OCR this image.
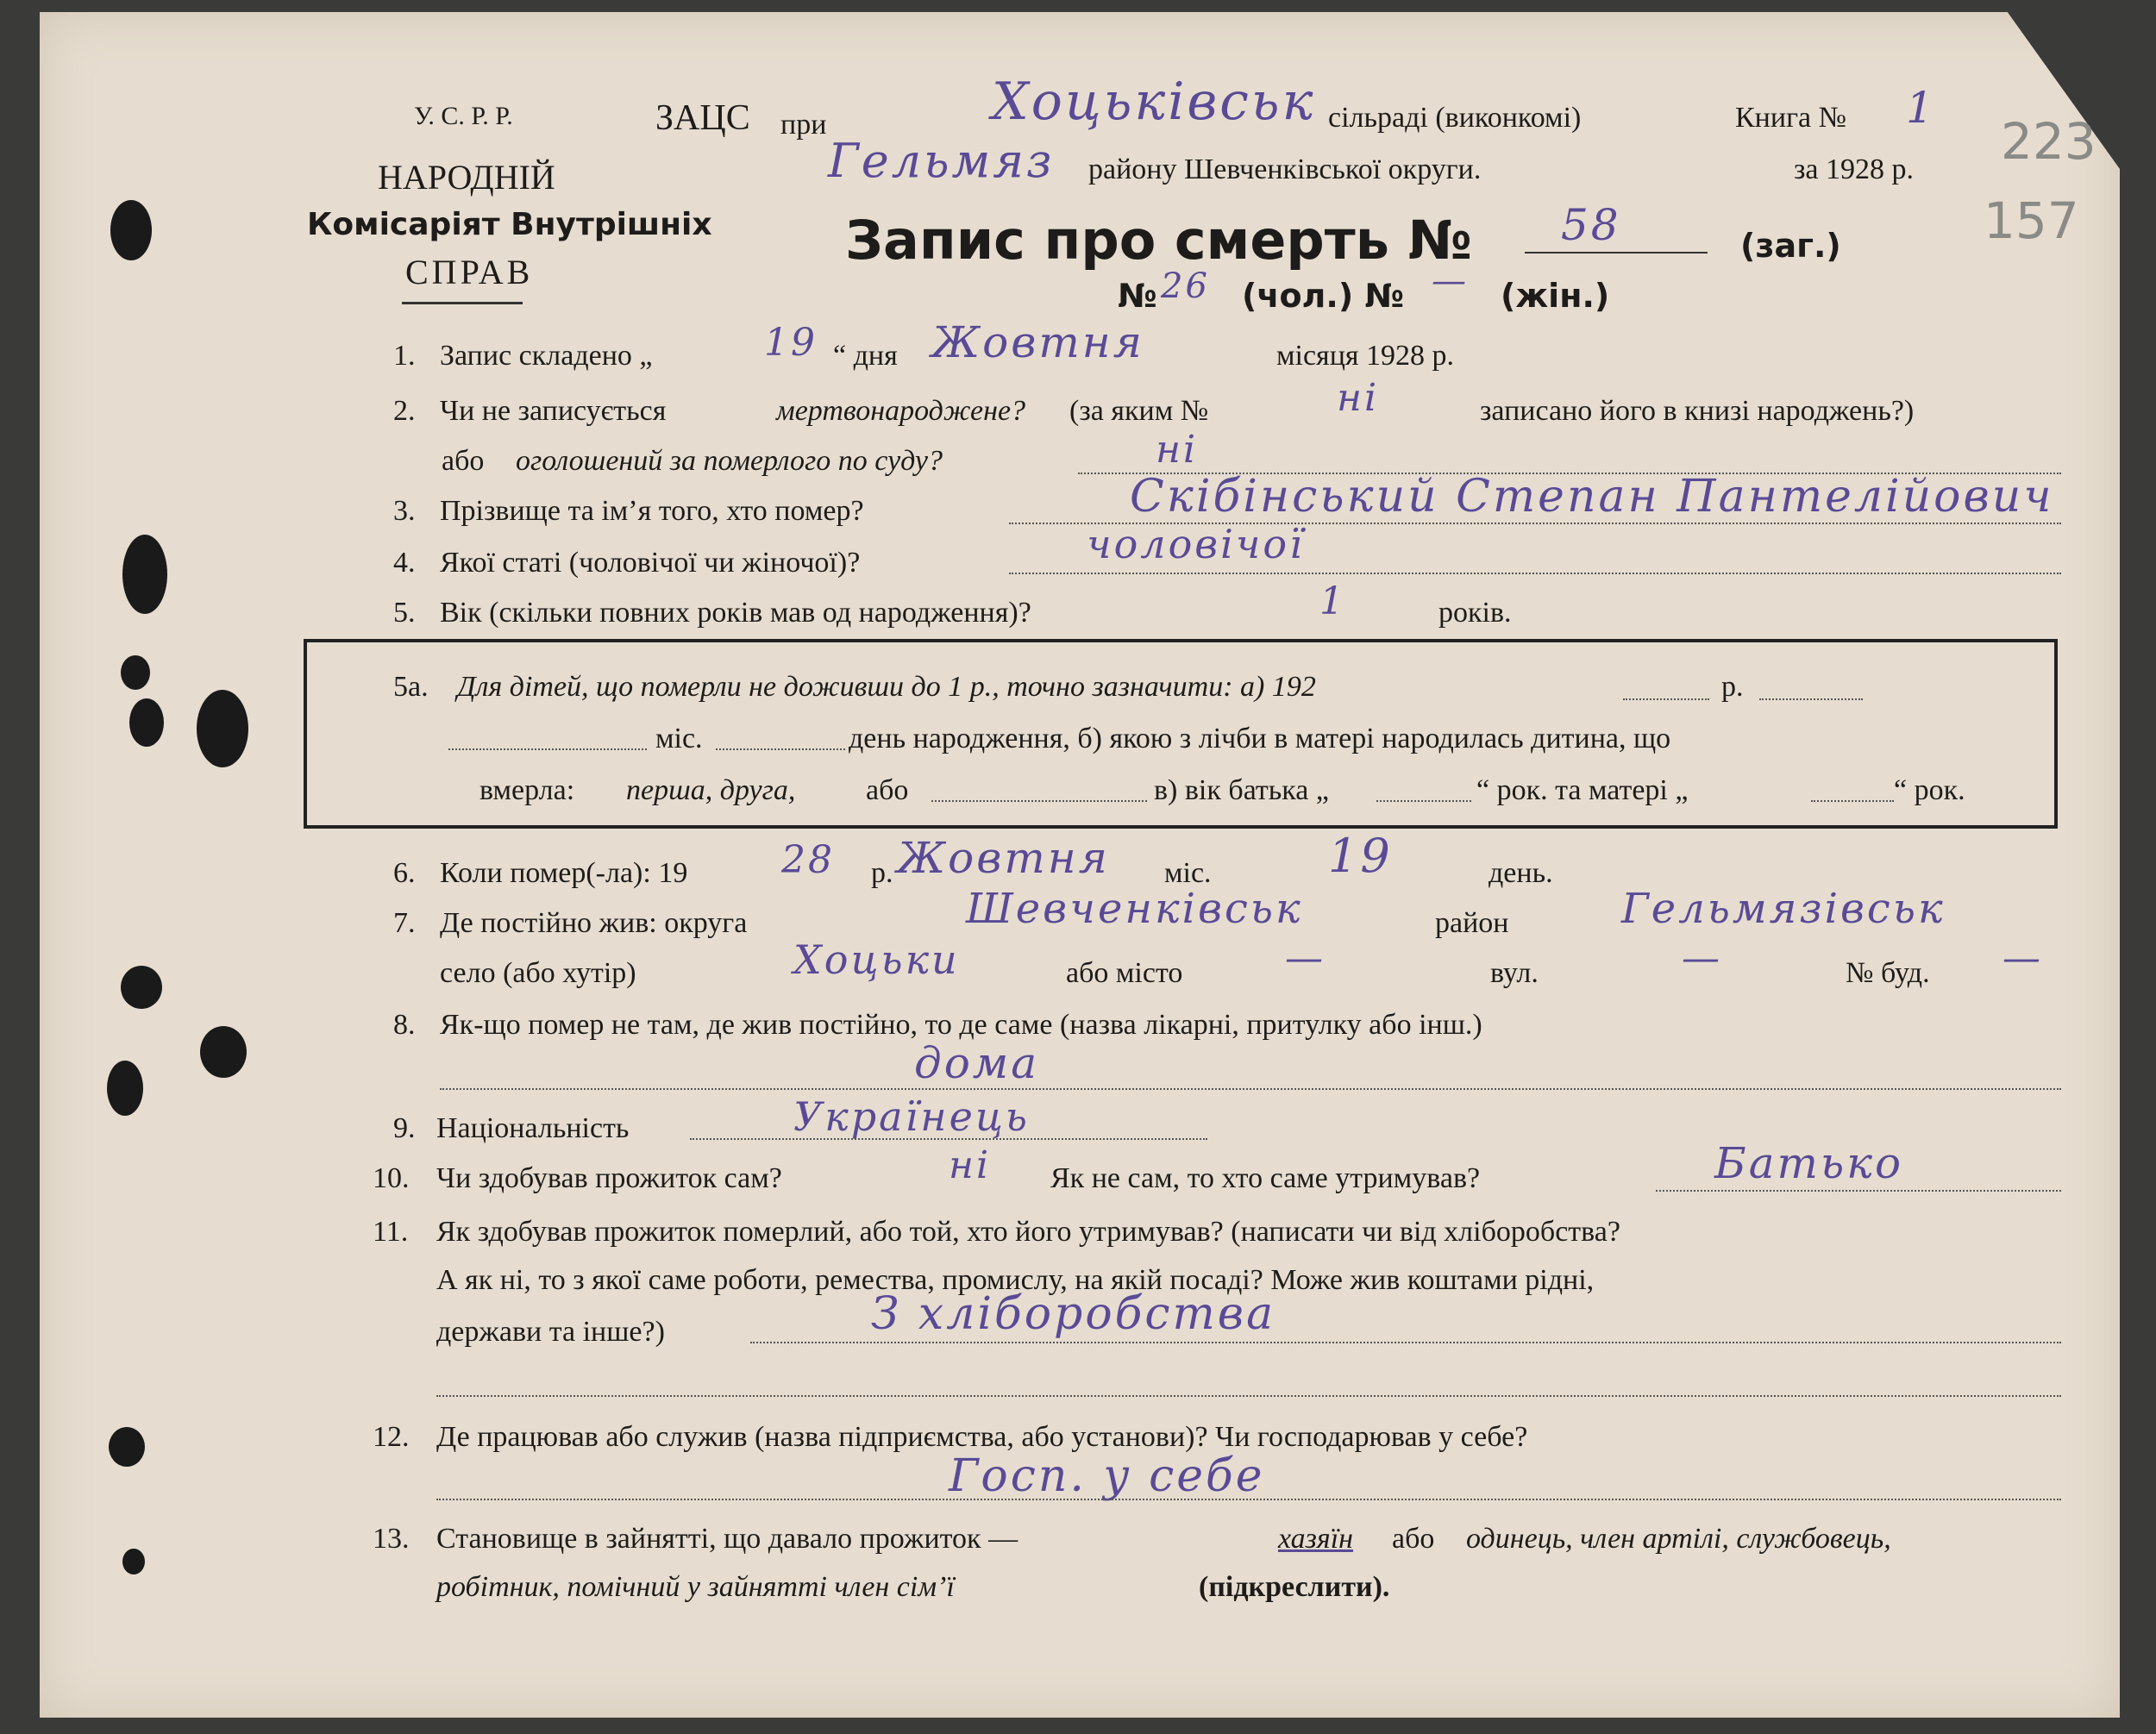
223
157
У. С. Р. Р.
НАРОДНІЙ
Комісаріят Внутрішніх
СПРАВ
ЗАЦС при	Хоцьківськ сільраді (виконкомі)	Книга № 1
Гельмяз району Шевченківської округи.	за 1928 р.
Запис про смерть № 58	(заг.)
№ 26 (чол.) № — (жін.)
1. Запис складено „	19 “ дня Жовтня	місяця 1928 р.
2. Чи не записується	мертвонароджене? (за яким №	ні	записано його в книзі народжень?)
або оголошений за померлого по суду?	ні
3. Прізвище та ім’я того, хто помер?	Скібінський Степан Пантелійович
4. Якої статі (чоловічої чи жіночої)?	чоловічої
5. Вік (скільки повних років мав од народження)?	1	років.
5а. Для дітей, що померли не доживши до 1 р., точно зазначити: а) 192	р.
міс.	день народження, б) якою з лічби в матері народилась дитина, що
вмерла: перша, друга, або	в) вік батька „	“ рок. та матері „	“ рок.
6. Коли помер(-ла): 19 28 р. Жовтня міс.	19	день.
7. Де постійно жив: округа	Шевченківськ	район	Гельмязівськ
село (або хутір)	Хоцьки	або місто	—	вул.	—	№ буд. —
8. Як-що помер не там, де жив постійно, то де саме (назва лікарні, притулку або інш.)
дома
9. Національність	Українець
10. Чи здобував прожиток сам?	ні Як не сам, то хто саме утримував?	Батько
11. Як здобував прожиток померлий, або той, хто його утримував? (написати чи від хліборобства?
А як ні, то з якої саме роботи, ремества, промислу, на якій посаді? Може жив коштами рідні,
держави та інше?)	З хліборобства
12. Де працював або служив (назва підприємства, або установи)? Чи господарював у себе?
Госп. у себе
13. Становище в зайнятті, що давало прожиток —	хазяїн або одинець, член артілі, службовець,
робітник, помічний у зайнятті член сім’ї	(підкреслити).
